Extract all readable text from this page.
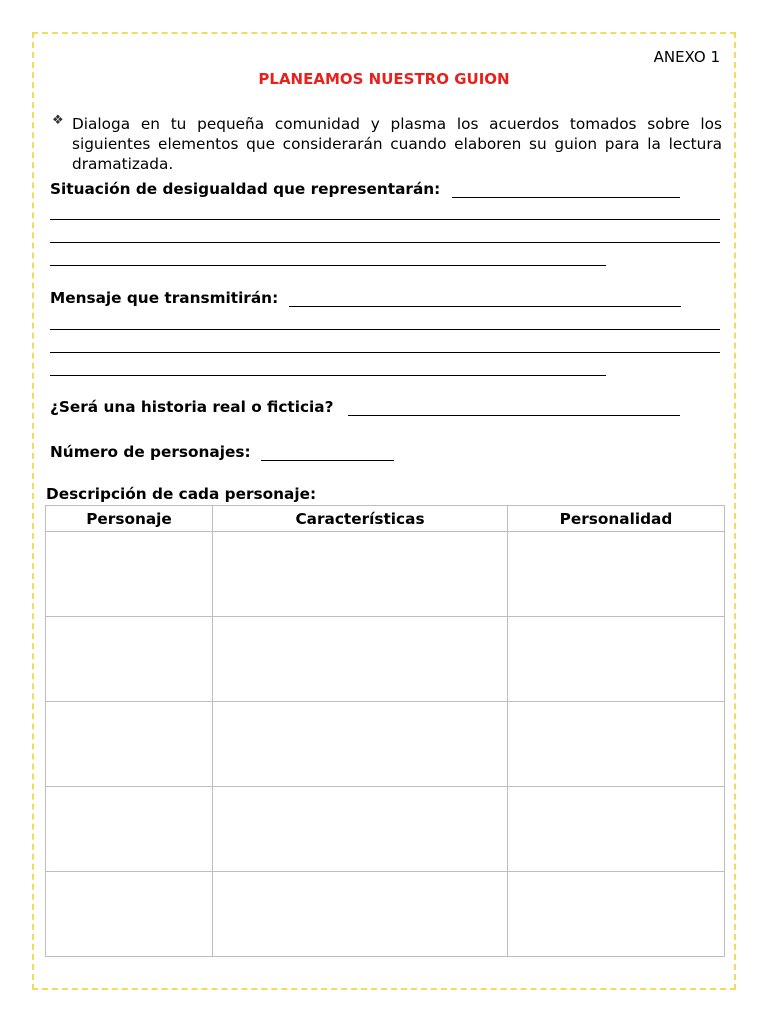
ANEXO 1
PLANEAMOS NUESTRO GUION
❖ Dialoga en tu pequeña comunidad y plasma los acuerdos tomados sobre los siguientes elementos que considerarán cuando elaboren su guion para la lectura dramatizada.
Situación de desigualdad que representarán:
Mensaje que transmitirán:
¿Será una historia real o ficticia?
Número de personajes:
Descripción de cada personaje:
Personaje	Características	Personalidad
